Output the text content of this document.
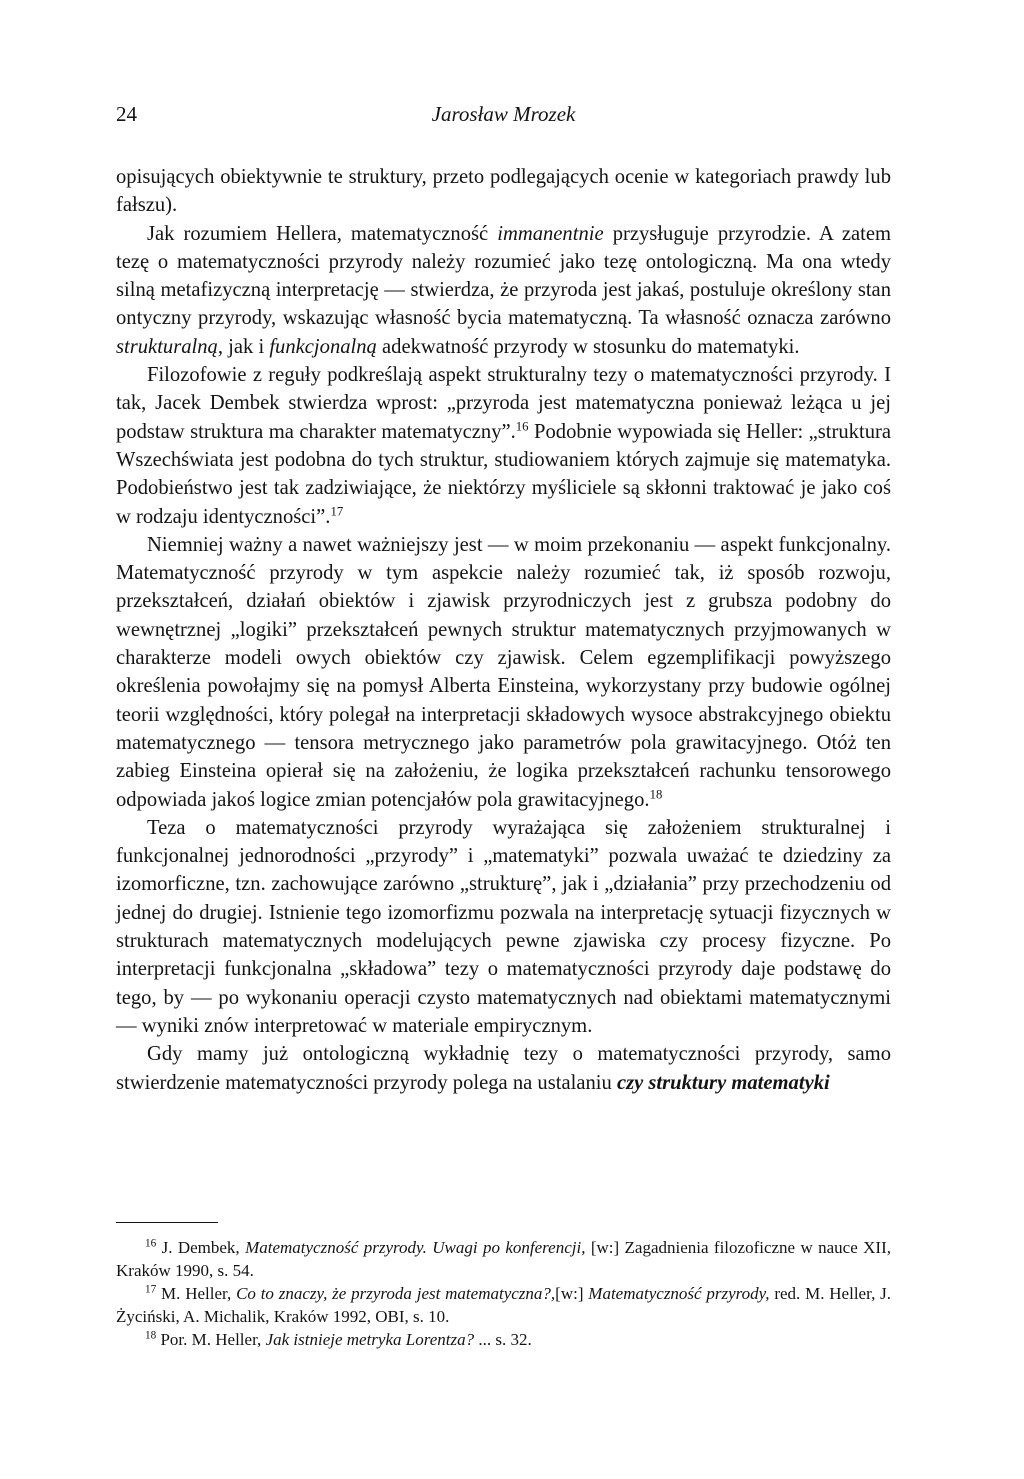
24	Jarosław Mrozek

opisujących obiektywnie te struktury, przeto podlegających ocenie w kategoriach prawdy lub fałszu).

Jak rozumiem Hellera, matematyczność immanentnie przysługuje przyrodzie. A zatem tezę o matematyczności przyrody należy rozumieć jako tezę ontologiczną. Ma ona wtedy silną metafizyczną interpretację — stwierdza, że przyroda jest jakaś, postuluje określony stan ontyczny przyrody, wskazując własność bycia matematyczną. Ta własność oznacza zarówno strukturalną, jak i funkcjonalną adekwatność przyrody w stosunku do matematyki.

Filozofowie z reguły podkreślają aspekt strukturalny tezy o matematyczności przyrody. I tak, Jacek Dembek stwierdza wprost: „przyroda jest matematyczna ponieważ leżąca u jej podstaw struktura ma charakter matematyczny”.$^{16}$ Podobnie wypowiada się Heller: „struktura Wszechświata jest podobna do tych struktur, studiowaniem których zajmuje się matematyka. Podobieństwo jest tak zadziwiające, że niektórzy myśliciele są skłonni traktować je jako coś w rodzaju identyczności”.$^{17}$

Niemniej ważny a nawet ważniejszy jest — w moim przekonaniu — aspekt funkcjonalny. Matematyczność przyrody w tym aspekcie należy rozumieć tak, iż sposób rozwoju, przekształceń, działań obiektów i zjawisk przyrodniczych jest z grubsza podobny do wewnętrznej „logiki” przekształceń pewnych struktur matematycznych przyjmowanych w charakterze modeli owych obiektów czy zjawisk. Celem egzemplifikacji powyższego określenia powołajmy się na pomysł Alberta Einsteina, wykorzystany przy budowie ogólnej teorii względności, który polegał na interpretacji składowych wysoce abstrakcyjnego obiektu matematycznego — tensora metrycznego jako parametrów pola grawitacyjnego. Otóż ten zabieg Einsteina opierał się na założeniu, że logika przekształceń rachunku tensorowego odpowiada jakoś logice zmian potencjałów pola grawitacyjnego.$^{18}$

Teza o matematyczności przyrody wyrażająca się założeniem strukturalnej i funkcjonalnej jednorodności „przyrody” i „matematyki” pozwala uważać te dziedziny za izomorficzne, tzn. zachowujące zarówno „strukturę”, jak i „działania” przy przechodzeniu od jednej do drugiej. Istnienie tego izomorfizmu pozwala na interpretację sytuacji fizycznych w strukturach matematycznych modelujących pewne zjawiska czy procesy fizyczne. Po interpretacji funkcjonalna „składowa” tezy o matematyczności przyrody daje podstawę do tego, by — po wykonaniu operacji czysto matematycznych nad obiektami matematycznymi — wyniki znów interpretować w materiale empirycznym.

Gdy mamy już ontologiczną wykładnię tezy o matematyczności przyrody, samo stwierdzenie matematyczności przyrody polega na ustalaniu czy struktury matematyki

$^{16}$ J. Dembek, Matematyczność przyrody. Uwagi po konferencji, [w:] Zagadnienia filozoficzne w nauce XII, Kraków 1990, s. 54.

$^{17}$ M. Heller, Co to znaczy, że przyroda jest matematyczna?,[w:] Matematyczność przyrody, red. M. Heller, J. Życiński, A. Michalik, Kraków 1992, OBI, s. 10.

$^{18}$ Por. M. Heller, Jak istnieje metryka Lorentza? ... s. 32.
